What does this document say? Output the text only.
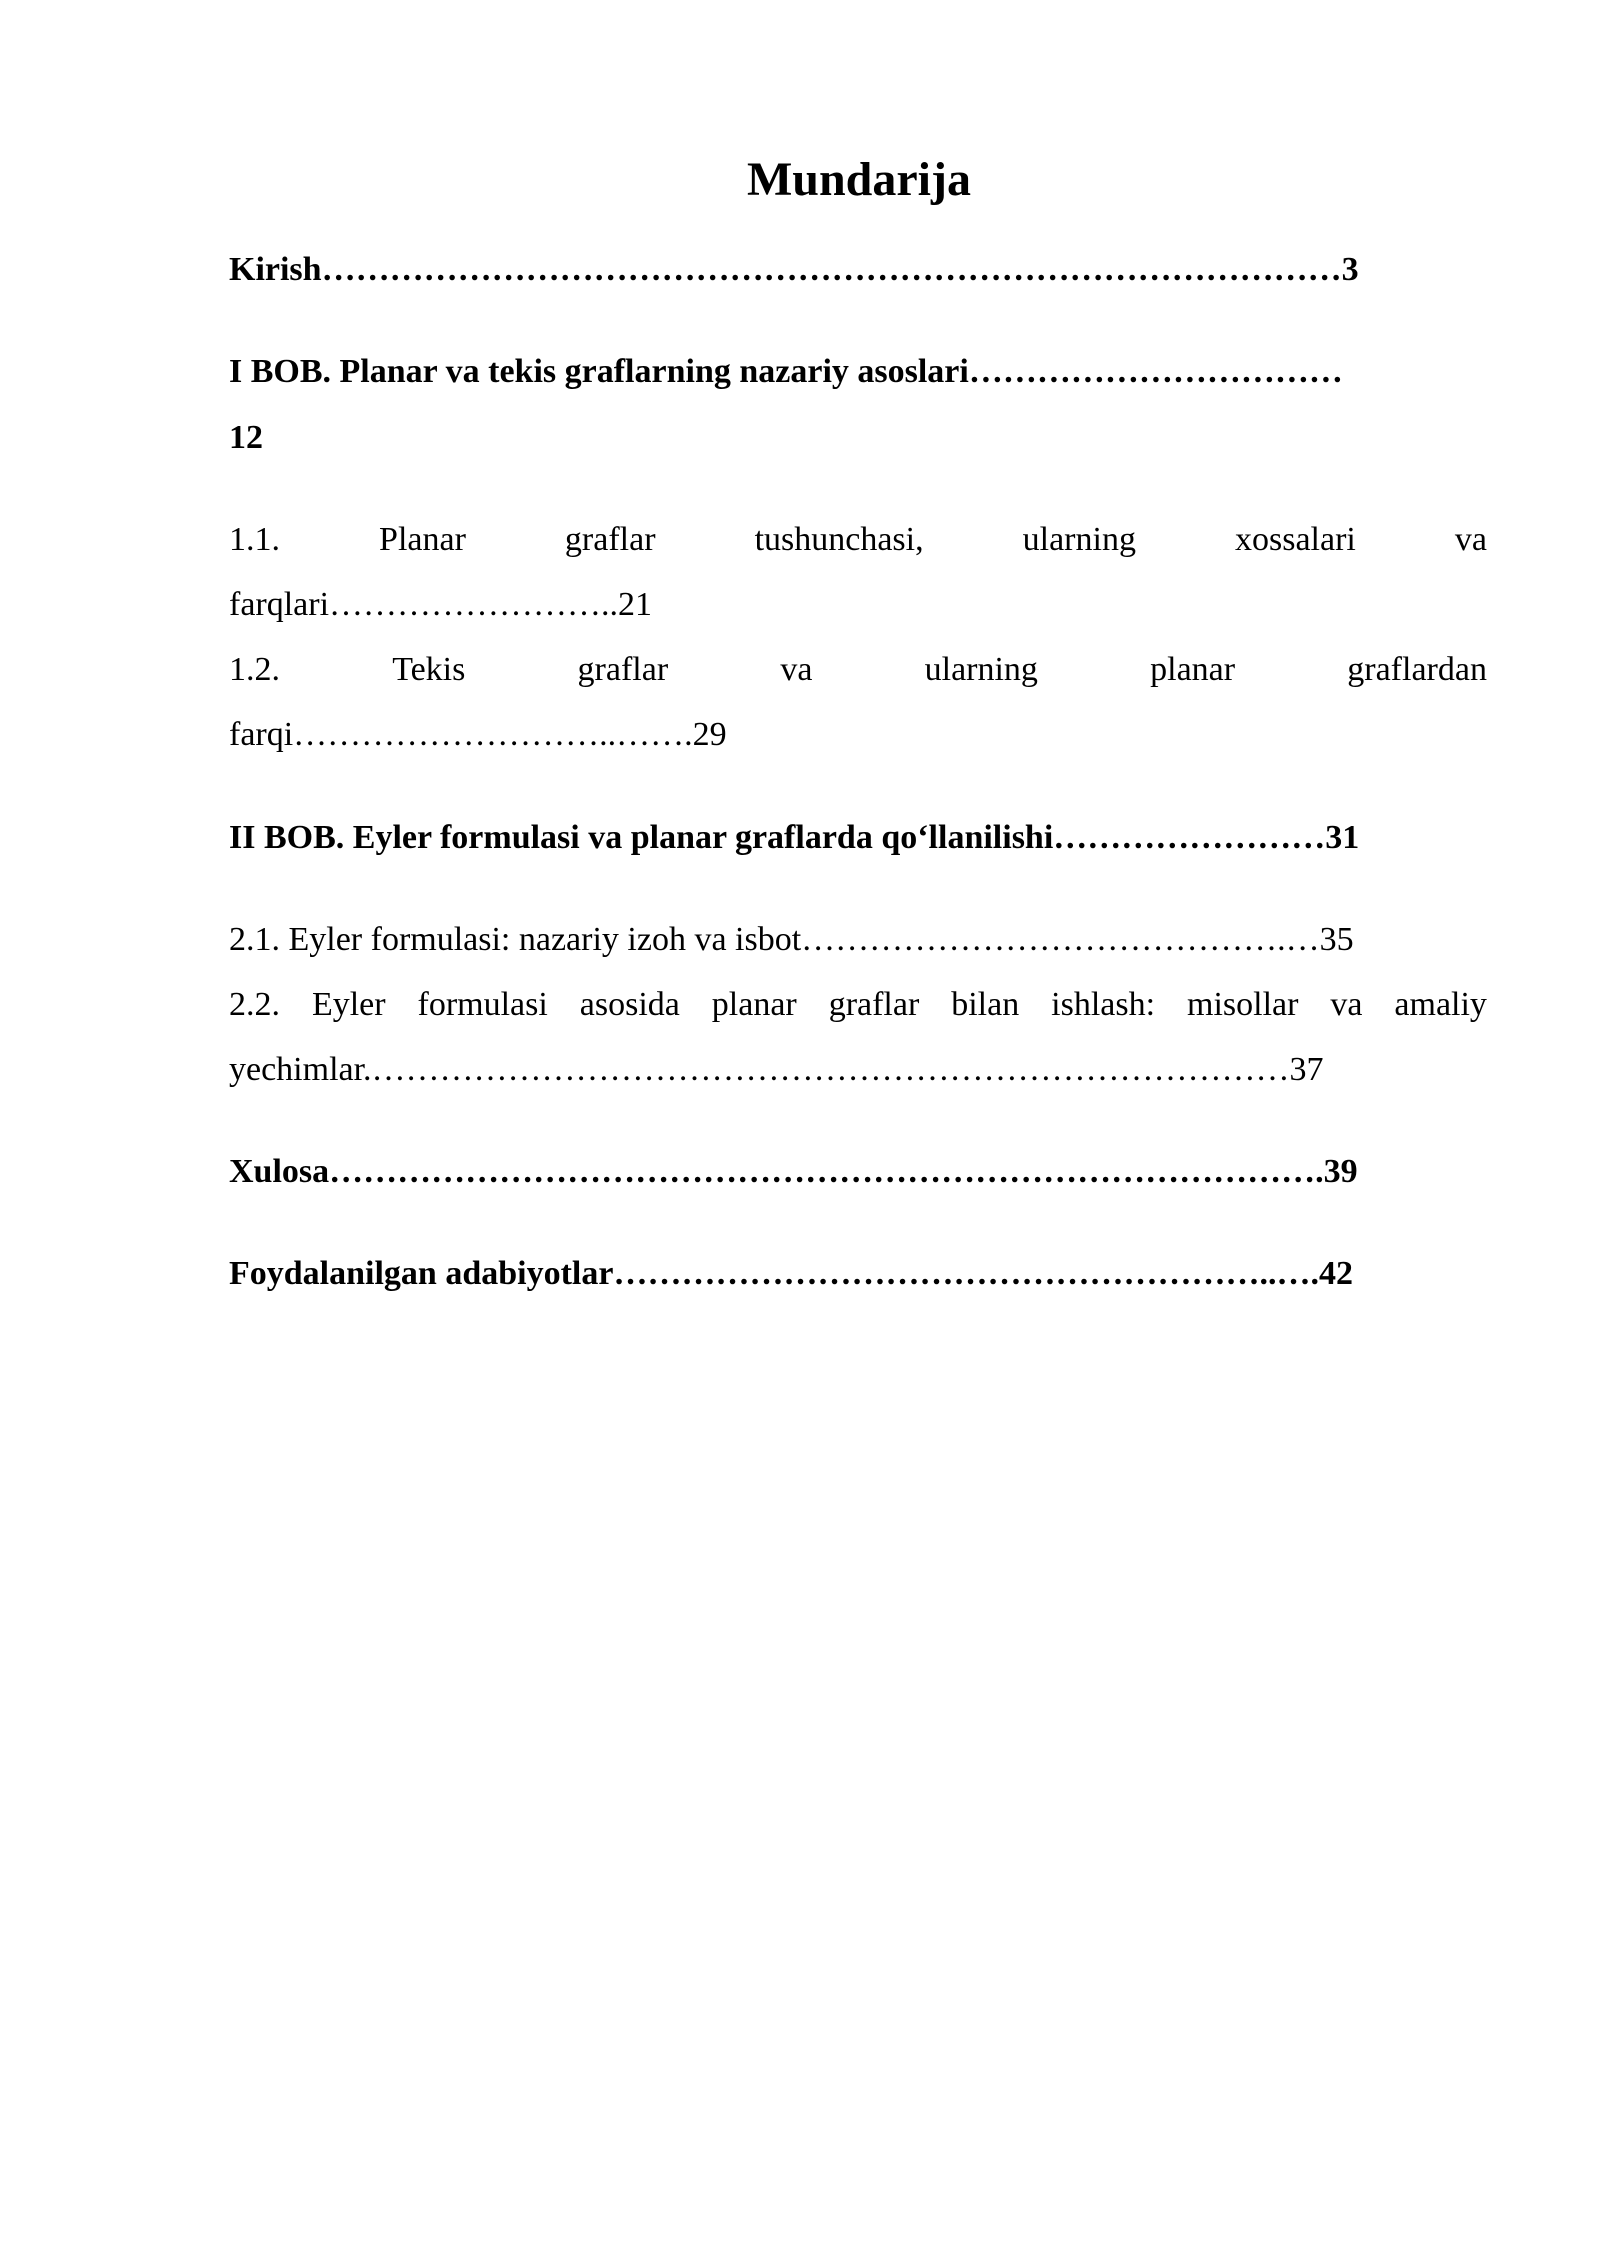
Mundarija
Kirish………………………………………………………………………………3
I BOB. Planar va tekis graflarning nazariy asoslari……………………………
12
1.1.	Planar	graflar	tushunchasi,	ularning	xossalari	va
farqlari……………………..21
1.2.	Tekis	graflar	va	ularning	planar	graflardan
farqi………………………..…….29
II BOB. Eyler formulasi va planar graflarda qo‘llanilishi……………………31
2.1. Eyler formulasi: nazariy izoh va isbot…………………………………….…35
2.2. Eyler formulasi asosida planar graflar bilan ishlash: misollar va amaliy
yechimlar.………………………………………………………………………37
Xulosa…………………………………………………………………………….39
Foydalanilgan adabiyotlar…………………………………………………..….42
